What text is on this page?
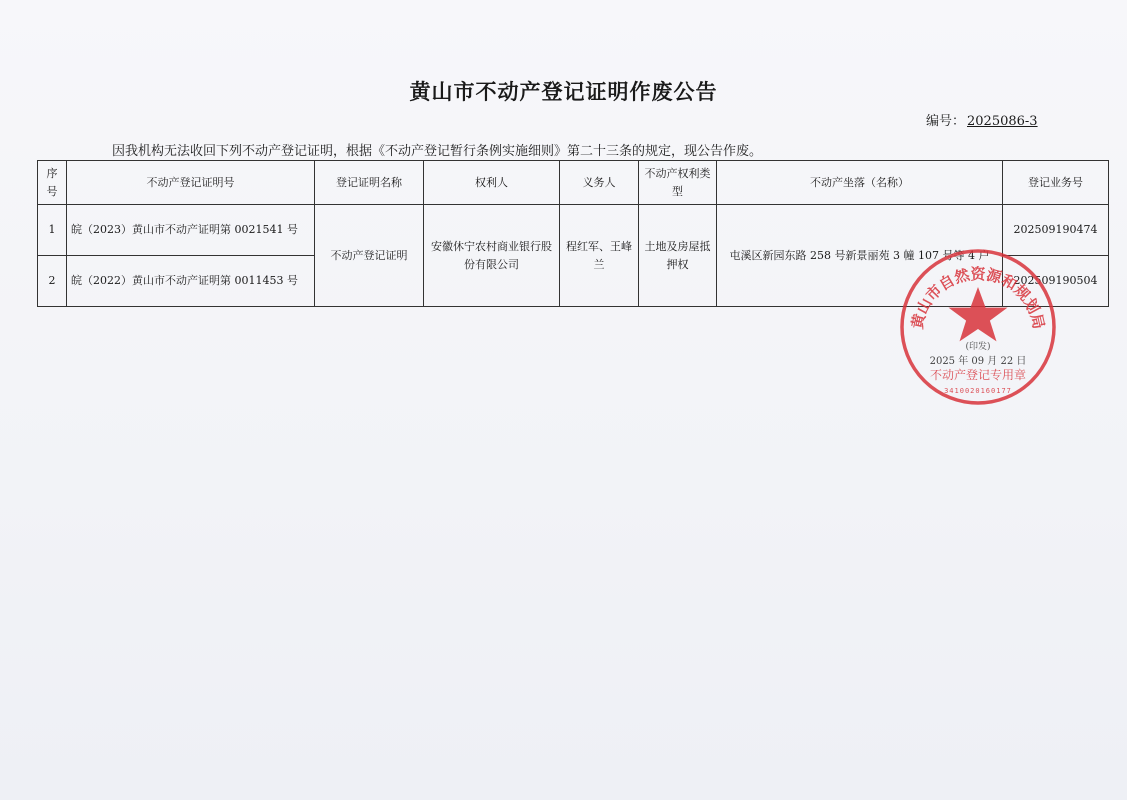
黄山市不动产登记证明作废公告
编号： 2025086-3
因我机构无法收回下列不动产登记证明，根据《不动产登记暂行条例实施细则》第二十三条的规定，现公告作废。
序号	不动产登记证明号	登记证明名称	权利人	义务人	不动产权利类型	不动产坐落（名称）	登记业务号
1	皖（2023）黄山市不动产证明第 0021541 号	不动产登记证明	安徽休宁农村商业银行股份有限公司	程红军、王峰兰	土地及房屋抵押权	屯溪区新园东路 258 号新景丽苑 3 幢 107 号等 4 户	202509190474
2	皖（2022）黄山市不动产证明第 0011453 号						202509190504
黄山市自然资源和规划局
(印发)
2025 年 09 月 22 日
不动产登记专用章
3410020160177
